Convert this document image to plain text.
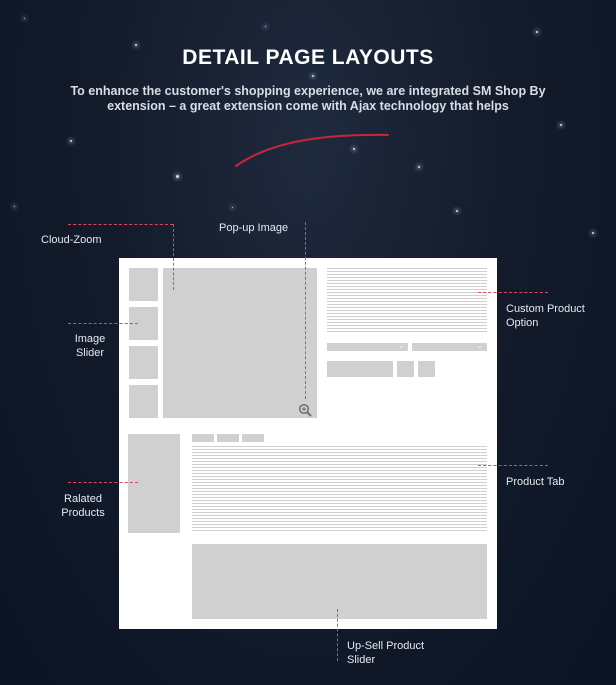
DETAIL PAGE LAYOUTS
To enhance the customer's shopping experience, we are integrated SM Shop By
extension – a great extension come with Ajax technology that helps
⌄	⌄
Cloud-Zoom
Pop-up Image
Image
Slider
Custom Product
Option
Ralated
Products
Product Tab
Up-Sell Product
Slider
